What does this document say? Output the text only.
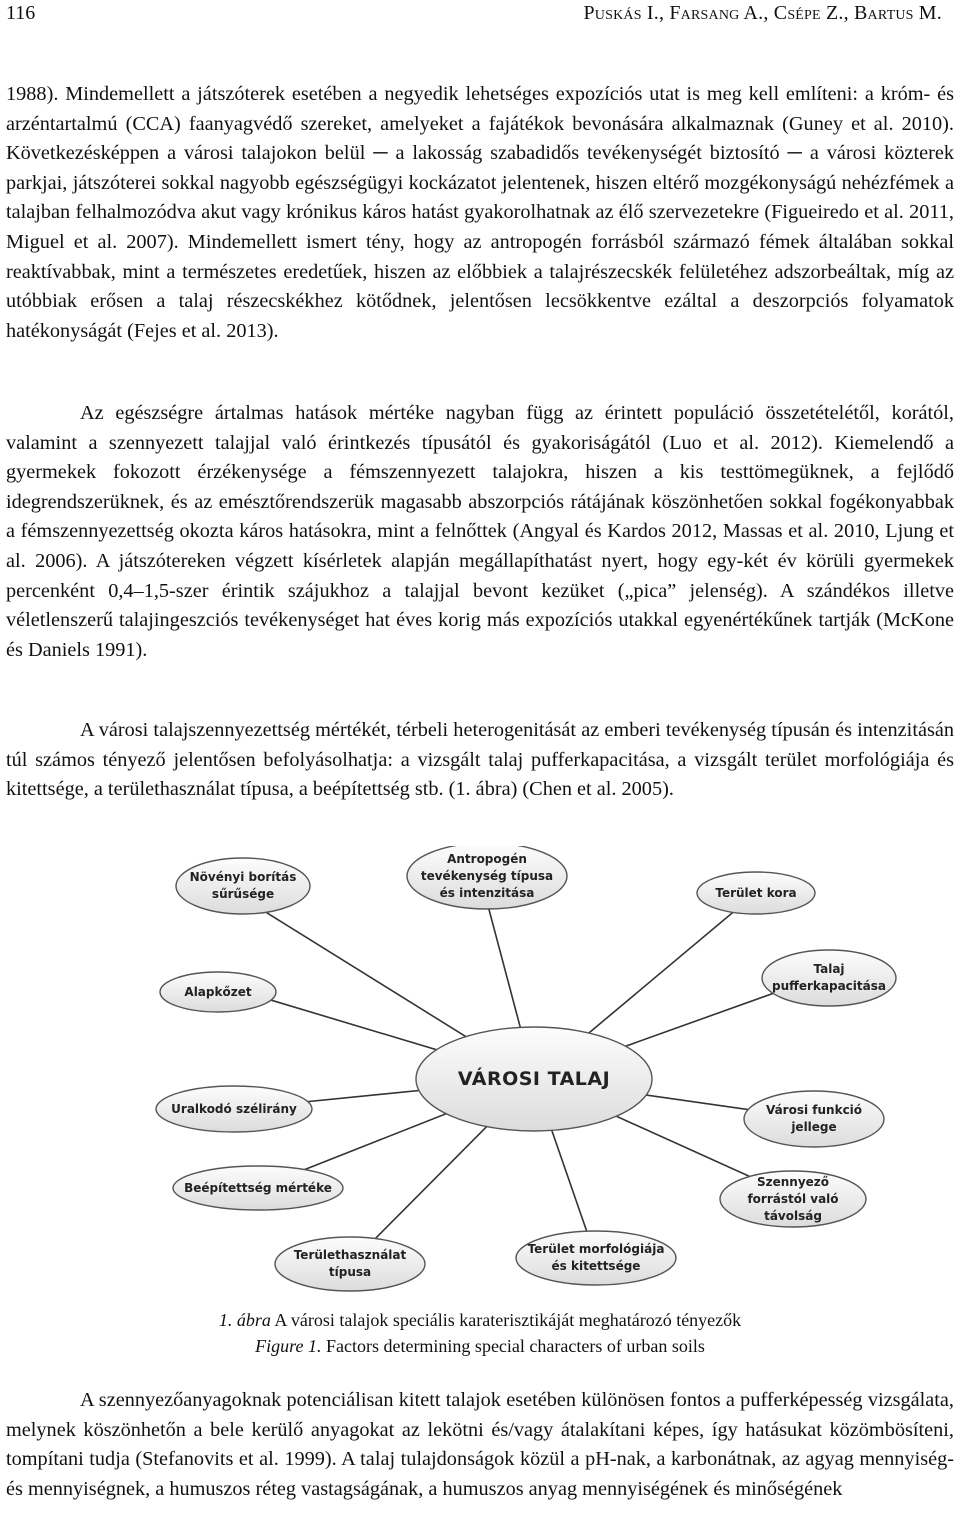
116	Puskás I., Farsang A., Csépe Z., Bartus M.

1988). Mindemellett a játszóterek esetében a negyedik lehetséges expozíciós utat is meg kell említeni: a króm- és arzéntartalmú (CCA) faanyagvédő szereket, amelyeket a fajátékok bevonására alkalmaznak (Guney et al. 2010). Következésképpen a városi talajokon belül ─ a lakosság szabadidős tevékenységét biztosító ─ a városi közterek parkjai, játszóterei sokkal nagyobb egészségügyi kockázatot jelentenek, hiszen eltérő mozgékonyságú nehézfémek a talajban felhalmozódva akut vagy krónikus káros hatást gyakorolhatnak az élő szervezetekre (Figueiredo et al. 2011, Miguel et al. 2007). Mindemellett ismert tény, hogy az antropogén forrásból származó fémek általában sokkal reaktívabbak, mint a természetes eredetűek, hiszen az előbbiek a talajrészecskék felületéhez adszorbeáltak, míg az utóbbiak erősen a talaj részecskékhez kötődnek, jelentősen lecsökkentve ezáltal a deszorpciós folyamatok hatékonyságát (Fejes et al. 2013).

Az egészségre ártalmas hatások mértéke nagyban függ az érintett populáció összetételétől, korától, valamint a szennyezett talajjal való érintkezés típusától és gyakoriságától (Luo et al. 2012). Kiemelendő a gyermekek fokozott érzékenysége a fémszennyezett talajokra, hiszen a kis testtömegüknek, a fejlődő idegrendszerüknek, és az emésztőrendszerük magasabb abszorpciós rátájának köszönhetően sokkal fogékonyabbak a fémszennyezettség okozta káros hatásokra, mint a felnőttek (Angyal és Kardos 2012, Massas et al. 2010, Ljung et al. 2006). A játszótereken végzett kísérletek alapján megállapíthatást nyert, hogy egy-két év körüli gyermekek percenként 0,4–1,5-szer érintik szájukhoz a talajjal bevont kezüket („pica” jelenség). A szándékos illetve véletlenszerű talajingeszciós tevékenységet hat éves korig más expozíciós utakkal egyenértékűnek tartják (McKone és Daniels 1991).

A városi talajszennyezettség mértékét, térbeli heterogenitását az emberi tevékenység típusán és intenzitásán túl számos tényező jelentősen befolyásolhatja: a vizsgált talaj pufferkapacitása, a vizsgált terület morfológiája és kitettsége, a területhasználat típusa, a beépítettség stb. (1. ábra) (Chen et al. 2005).

VÁROSI TALAJ
Antropogén tevékenység típusa és intenzitása
Növényi borítás sűrűsége	Terület kora
Alapkőzet
Talaj pufferkapacitása
Uralkodó szélirány	Városi funkció jellege
Beépítettség mértéke	Szennyező forrástól való távolság
Területhasználat típusa
Terület morfológiája és kitettsége
1. ábra A városi talajok speciális karaterisztikáját meghatározó tényezők
Figure 1. Factors determining special characters of urban soils

A szennyezőanyagoknak potenciálisan kitett talajok esetében különösen fontos a pufferképesség vizsgálata, melynek köszönhetőn a bele kerülő anyagokat az lekötni és/vagy átalakítani képes, így hatásukat közömbösíteni, tompítani tudja (Stefanovits et al. 1999). A talaj tulajdonságok közül a pH-nak, a karbonátnak, az agyag mennyiség- és mennyiségnek, a humuszos réteg vastagságának, a humuszos anyag mennyiségének és minőségének
